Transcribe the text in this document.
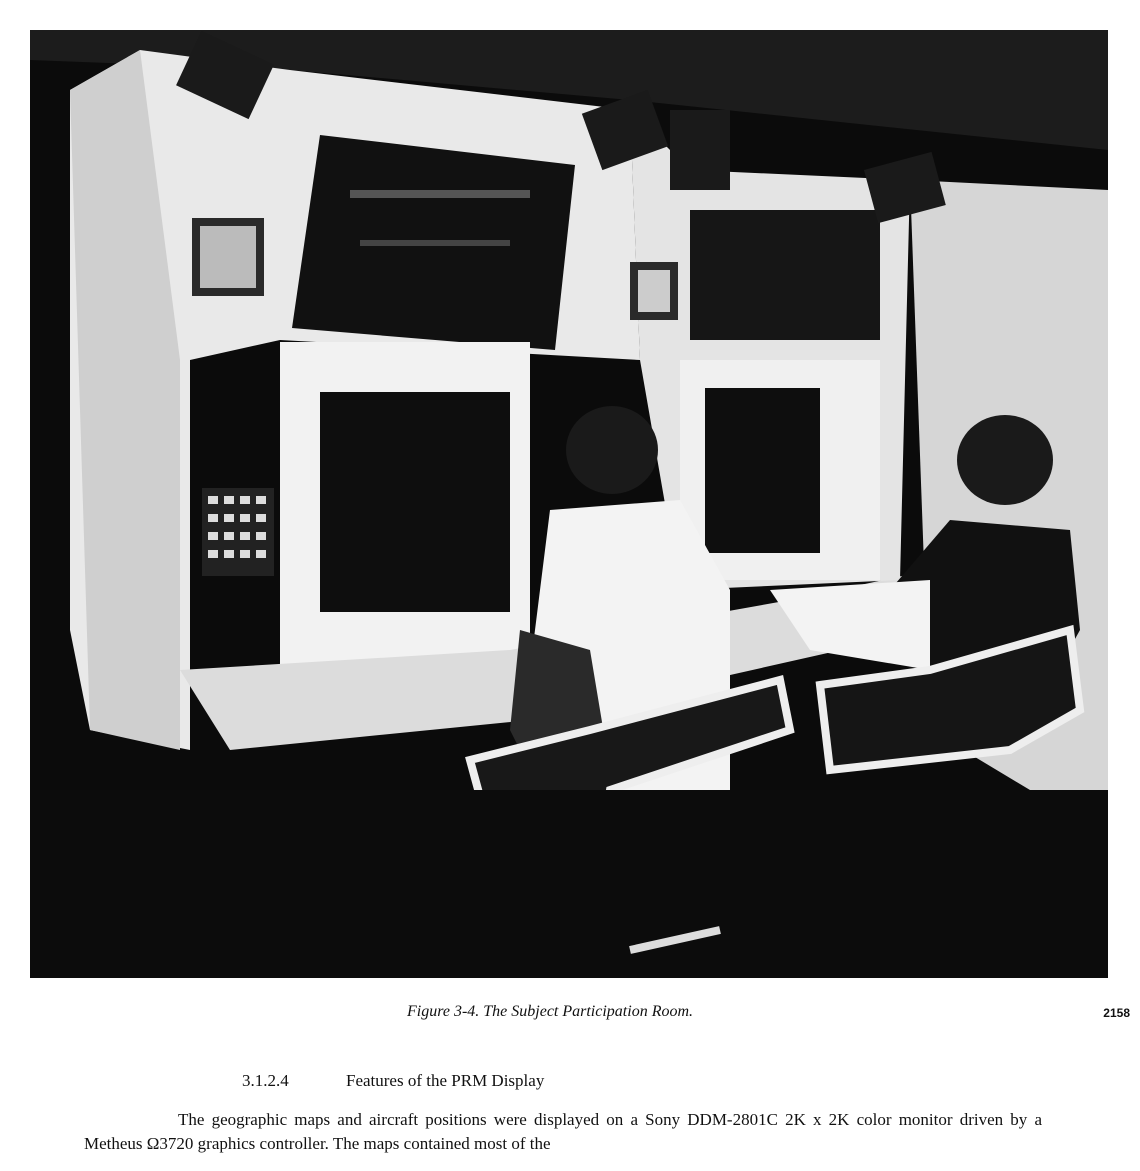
Figure 3-4. The Subject Participation Room.	2158
3.1.2.4	Features of the PRM Display

The geographic maps and aircraft positions were displayed on a Sony DDM-2801C 2K x 2K color monitor driven by a Metheus Ω3720 graphics controller. The maps contained most of the
